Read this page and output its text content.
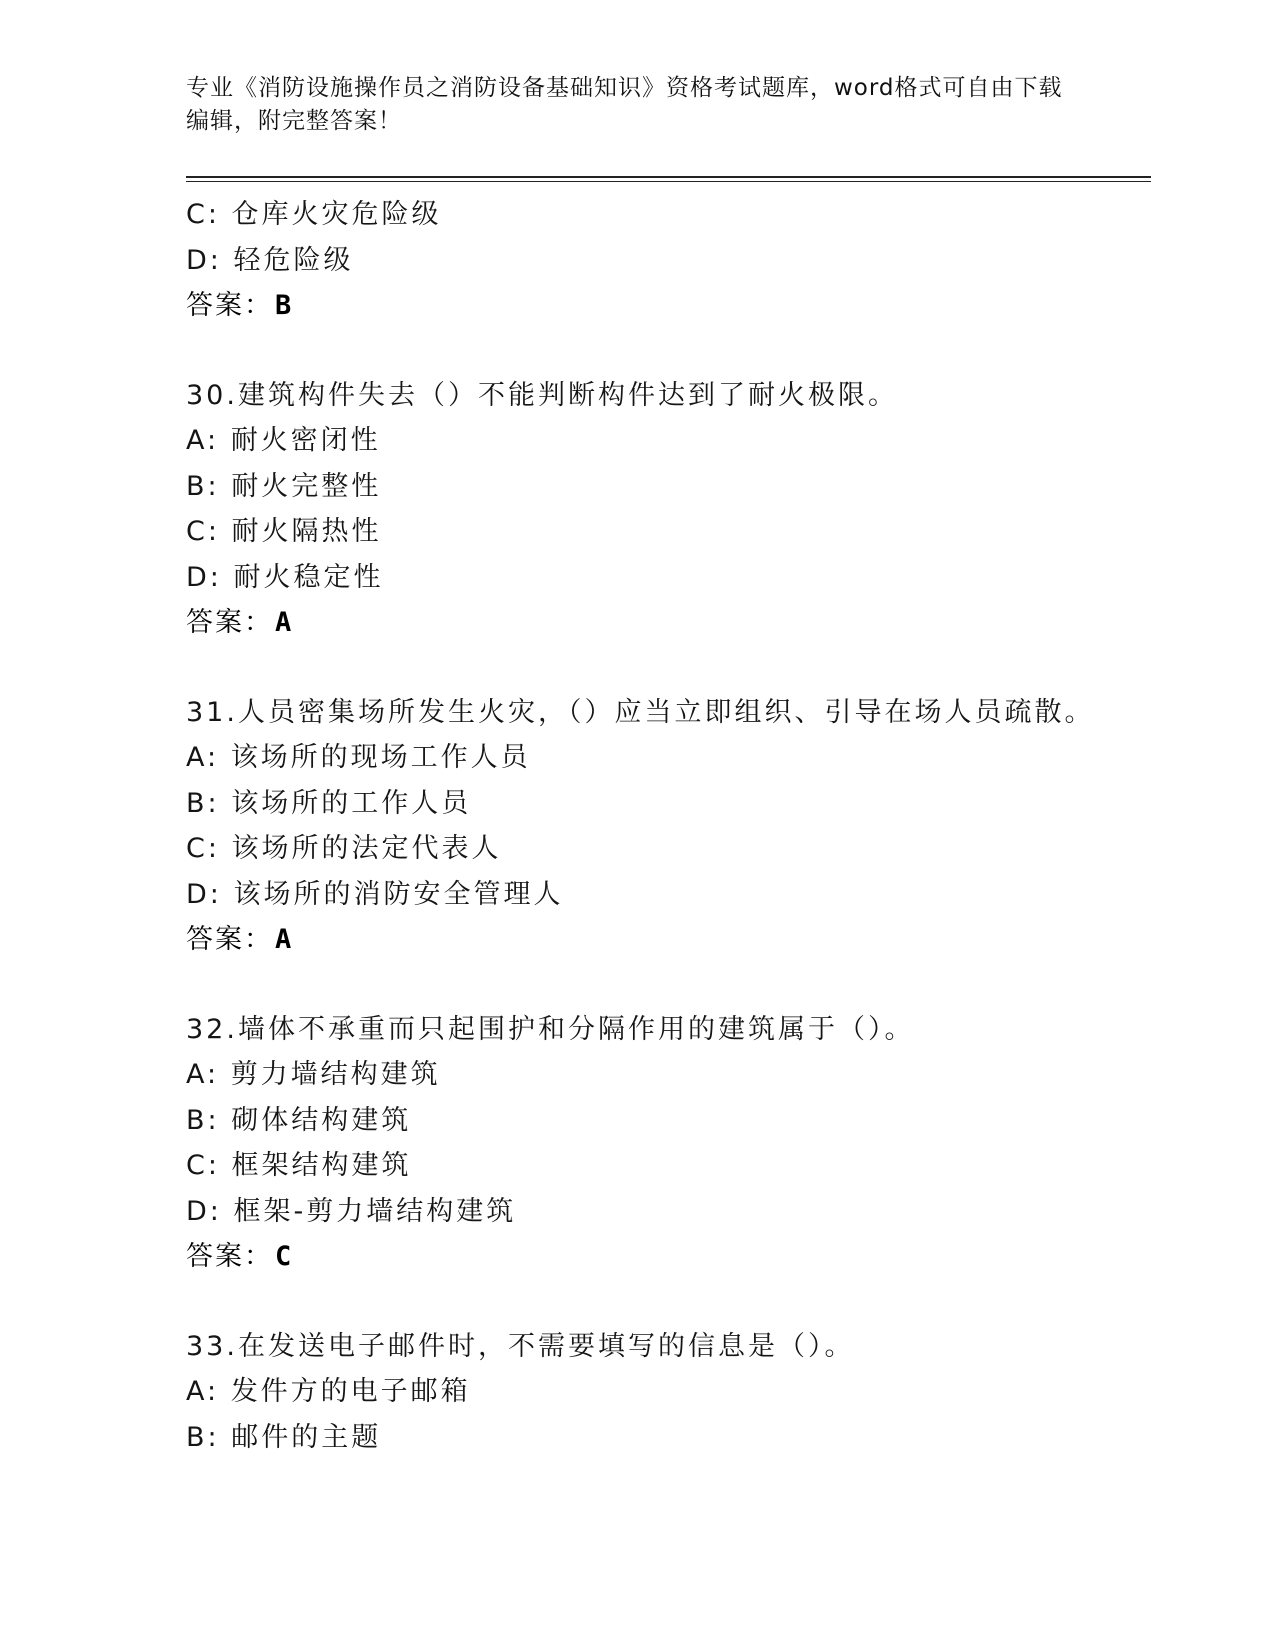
专业《消防设施操作员之消防设备基础知识》资格考试题库，word格式可自由下载编辑，附完整答案！
C: 仓库火灾危险级
D: 轻危险级
答案：B
30.建筑构件失去（）不能判断构件达到了耐火极限。
A: 耐火密闭性
B: 耐火完整性
C: 耐火隔热性
D: 耐火稳定性
答案：A
31.人员密集场所发生火灾，（）应当立即组织、引导在场人员疏散。
A: 该场所的现场工作人员
B: 该场所的工作人员
C: 该场所的法定代表人
D: 该场所的消防安全管理人
答案：A
32.墙体不承重而只起围护和分隔作用的建筑属于（）。
A: 剪力墙结构建筑
B: 砌体结构建筑
C: 框架结构建筑
D: 框架-剪力墙结构建筑
答案：C
33.在发送电子邮件时，不需要填写的信息是（）。
A: 发件方的电子邮箱
B: 邮件的主题
